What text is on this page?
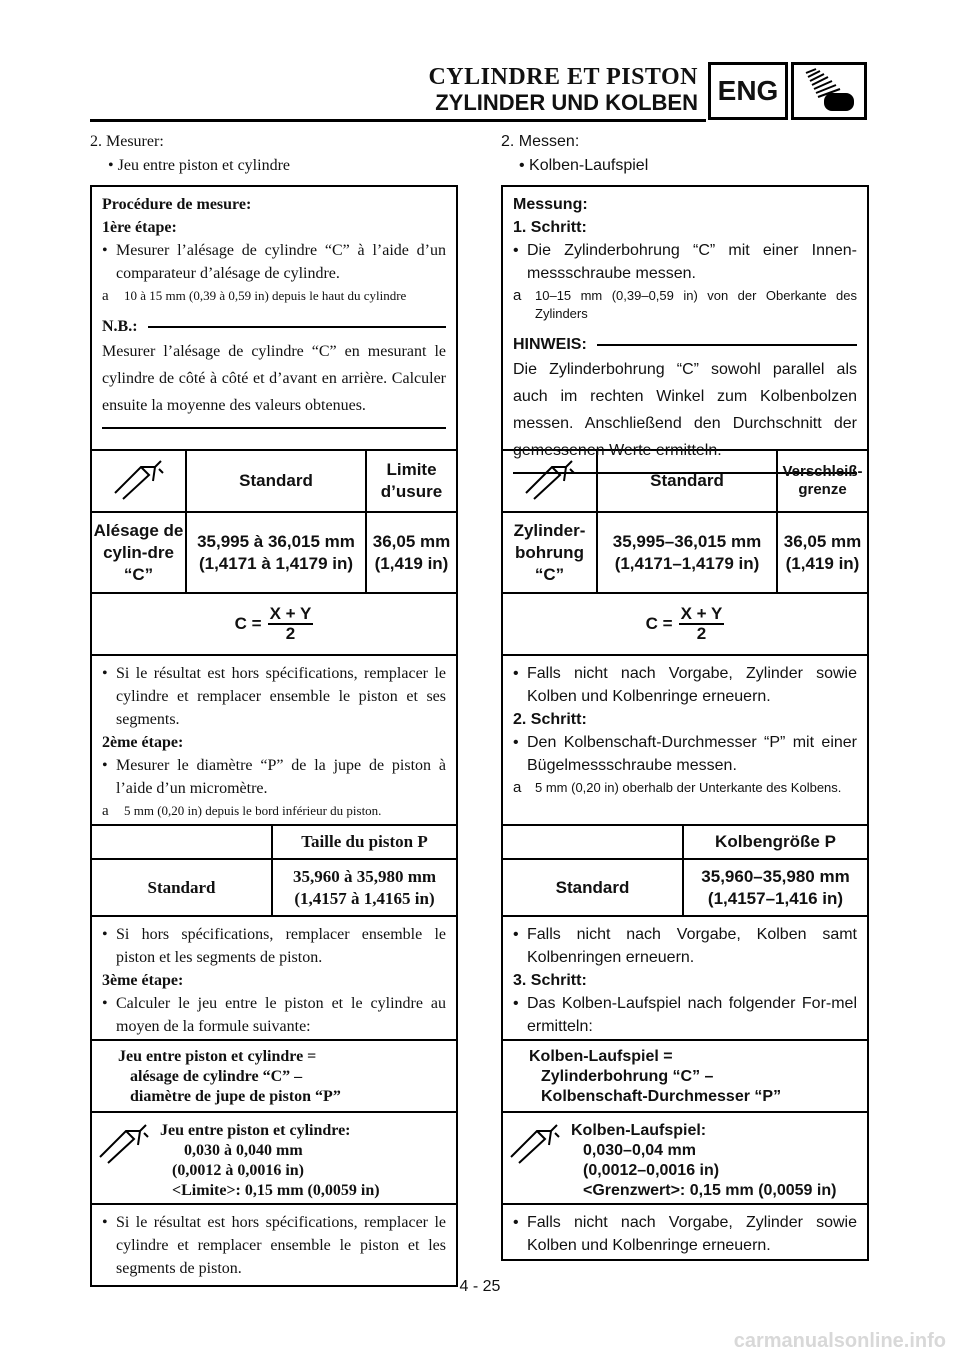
CYLINDRE ET PISTON
ZYLINDER UND KOLBEN ENG
2. Mesurer:
• Jeu entre piston et cylindre
Procédure de mesure:
1ère étape:
• Mesurer l’alésage de cylindre “C” à l’aide d’un comparateur d’alésage de cylindre.
a	10 à 15 mm (0,39 à 0,59 in) depuis le haut du cylindre
N.B.:
Mesurer l’alésage de cylindre “C” en mesurant le cylindre de côté à côté et d’avant en arrière. Calculer ensuite la moyenne des valeurs obtenues.
	Standard	Limite d’usure
Alésage de cylin-dre “C”	35,995 à 36,015 mm (1,4171 à 1,4179 in)	36,05 mm (1,419 in)
$C = \frac{X + Y}{2}$
• Si le résultat est hors spécifications, remplacer le cylindre et remplacer ensemble le piston et ses segments.
2ème étape:
• Mesurer le diamètre “P” de la jupe de piston à l’aide d’un micromètre.
a	5 mm (0,20 in) depuis le bord inférieur du piston.
	Taille du piston P
Standard	35,960 à 35,980 mm (1,4157 à 1,4165 in)
• Si hors spécifications, remplacer ensemble le piston et les segments de piston.
3ème étape:
• Calculer le jeu entre le piston et le cylindre au moyen de la formule suivante:
Jeu entre piston et cylindre =
alésage de cylindre “C” –
diamètre de jupe de piston “P”
Jeu entre piston et cylindre:
0,030 à 0,040 mm
(0,0012 à 0,0016 in)
<Limite>: 0,15 mm (0,0059 in)
• Si le résultat est hors spécifications, remplacer le cylindre et remplacer ensemble le piston et les segments de piston.
2. Messen:
• Kolben-Laufspiel
Messung:
1. Schritt:
• Die Zylinderbohrung “C” mit einer Innen-messschraube messen.
a	10–15 mm (0,39–0,59 in) von der Oberkante des Zylinders
HINWEIS:
Die Zylinderbohrung “C” sowohl parallel als auch im rechten Winkel zum Kolbenbolzen messen. Anschließend den Durchschnitt der gemessenen Werte ermitteln.
	Standard	Verschleiß-grenze
Zylinder-bohrung “C”	35,995–36,015 mm (1,4171–1,4179 in)	36,05 mm (1,419 in)
$C = \frac{X + Y}{2}$
• Falls nicht nach Vorgabe, Zylinder sowie Kolben und Kolbenringe erneuern.
2. Schritt:
• Den Kolbenschaft-Durchmesser “P” mit einer Bügelmessschraube messen.
a	5 mm (0,20 in) oberhalb der Unterkante des Kolbens.
	Kolbengröße P
Standard	35,960–35,980 mm (1,4157–1,416 in)
• Falls nicht nach Vorgabe, Kolben samt Kolbenringen erneuern.
3. Schritt:
• Das Kolben-Laufspiel nach folgender For-mel ermitteln:
Kolben-Laufspiel =
Zylinderbohrung “C” –
Kolbenschaft-Durchmesser “P”
Kolben-Laufspiel:
0,030–0,04 mm
(0,0012–0,0016 in)
<Grenzwert>: 0,15 mm (0,0059 in)
• Falls nicht nach Vorgabe, Zylinder sowie Kolben und Kolbenringe erneuern.
4 - 25
carmanualsonline.info
